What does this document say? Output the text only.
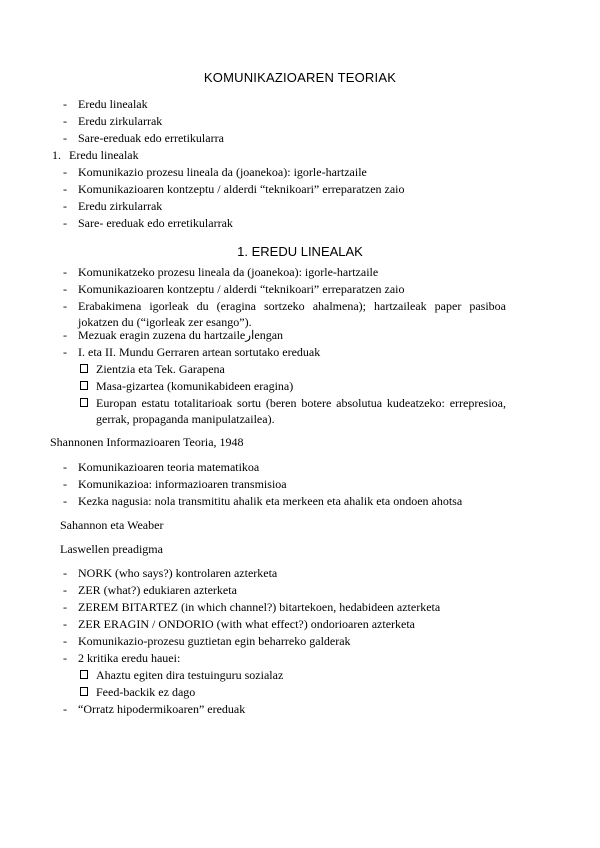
KOMUNIKAZIOAREN TEORIAK
- Eredu linealak
- Eredu zirkularrak
- Sare-ereduak edo erretikularra
1. Eredu linealak
- Komunikazio prozesu lineala da (joanekoa): igorle-hartzaile
- Komunikazioaren kontzeptu / alderdi “teknikoari” erreparatzen zaio
- Eredu zirkularrak
- Sare- ereduak edo erretikularrak
1. EREDU LINEALAK
- Komunikatzeko prozesu lineala da (joanekoa): igorle-hartzaile
- Komunikazioaren kontzeptu / alderdi “teknikoari” erreparatzen zaio
- Erabakimena igorleak du (eragina sortzeko ahalmena); hartzaileak paper pasiboa jokatzen du (“igorleak zer esango”).
- Mezuak eragin zuzena du hartzaileارengan
- I. eta II. Mundu Gerraren artean sortutako ereduak
Zientzia eta Tek. Garapena
Masa-gizartea (komunikabideen eragina)
Europan estatu totalitarioak sortu (beren botere absolutua kudeatzeko: errepresioa, gerrak, propaganda manipulatzailea).
Shannonen Informazioaren Teoria, 1948
- Komunikazioaren teoria matematikoa
- Komunikazioa: informazioaren transmisioa
- Kezka nagusia: nola transmititu ahalik eta merkeen eta ahalik eta ondoen ahotsa
Sahannon eta Weaber
Laswellen preadigma
- NORK (who says?) kontrolaren azterketa
- ZER (what?) edukiaren azterketa
- ZEREM BITARTEZ (in which channel?) bitartekoen, hedabideen azterketa
- ZER ERAGIN / ONDORIO (with what effect?) ondorioaren azterketa
- Komunikazio-prozesu guztietan egin beharreko galderak
- 2 kritika eredu hauei:
Ahaztu egiten dira testuinguru sozialaz
Feed-backik ez dago
- “Orratz hipodermikoaren” ereduak
